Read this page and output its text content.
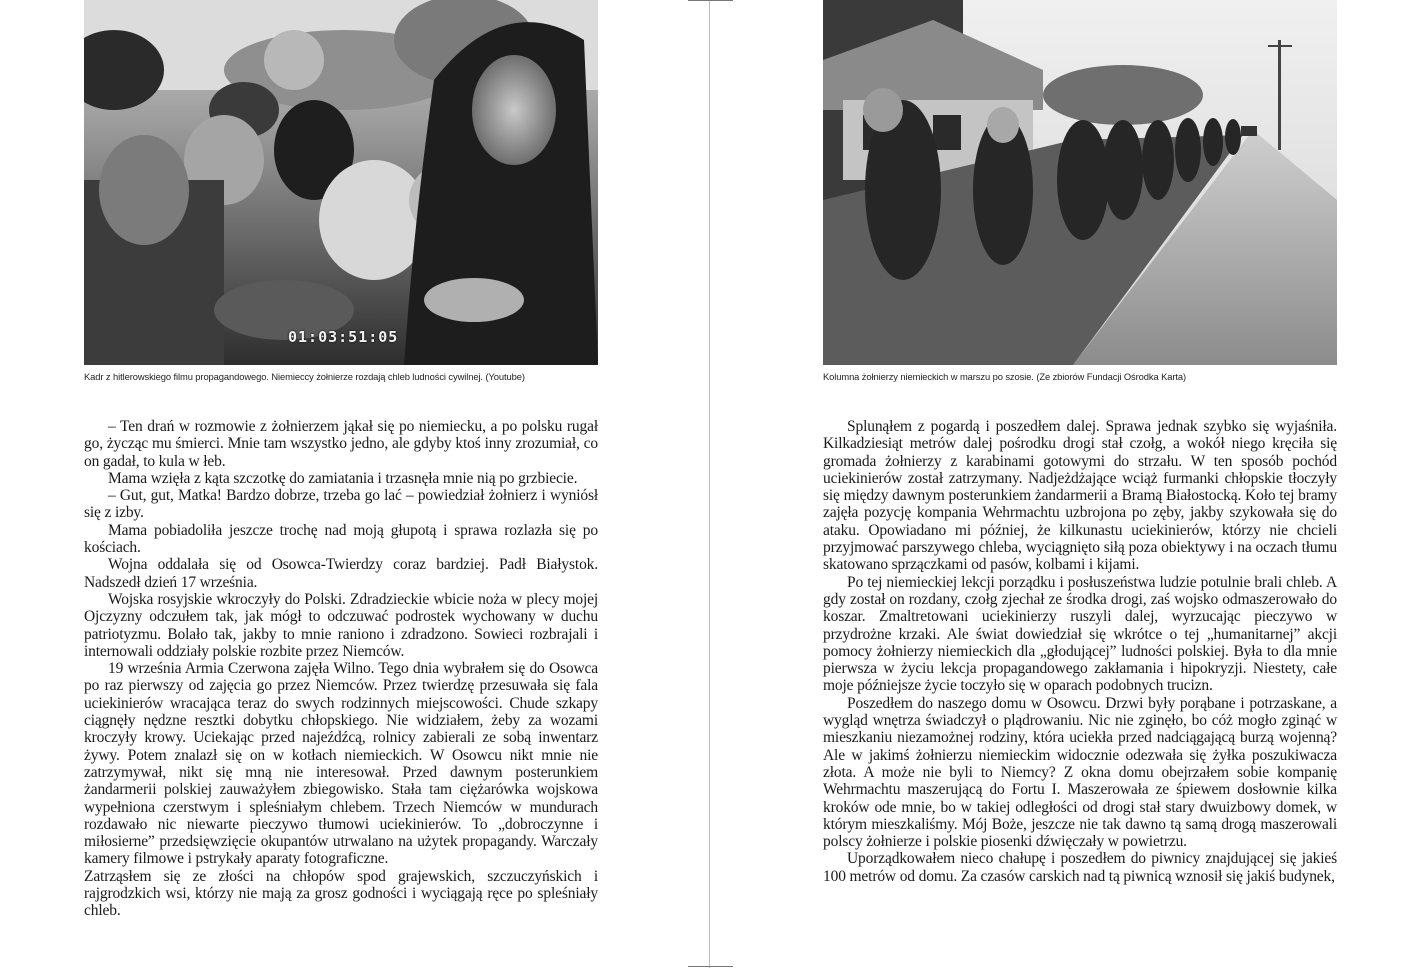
01:03:51:05
Kadr z hitlerowskiego filmu propagandowego. Niemieccy żołnierze rozdają chleb ludności cywilnej. (Youtube)

– Ten drań w rozmowie z żołnierzem jąkał się po niemiecku, a po polsku rugał go, życząc mu śmierci. Mnie tam wszystko jedno, ale gdyby ktoś inny zrozumiał, co on gadał, to kula w łeb.

Mama wzięła z kąta szczotkę do zamiatania i trzasnęła mnie nią po grzbiecie.

– Gut, gut, Matka! Bardzo dobrze, trzeba go lać – powiedział żołnierz i wyniósł się z izby.

Mama pobiadoliła jeszcze trochę nad moją głupotą i sprawa rozlazła się po kościach.

Wojna oddalała się od Osowca-Twierdzy coraz bardziej. Padł Białystok. Nadszedł dzień 17 września.

Wojska rosyjskie wkroczyły do Polski. Zdradzieckie wbicie noża w plecy mojej Ojczyzny odczułem tak, jak mógł to odczuwać podrostek wychowany w duchu patriotyzmu. Bolało tak, jakby to mnie raniono i zdradzono. Sowieci rozbrajali i internowali oddziały polskie rozbite przez Niemców.

19 września Armia Czerwona zajęła Wilno. Tego dnia wybrałem się do Osowca po raz pierwszy od zajęcia go przez Niemców. Przez twierdzę przesuwała się fala uciekinierów wracająca teraz do swych rodzinnych miejscowości. Chude szkapy ciągnęły nędzne resztki dobytku chłopskiego. Nie widziałem, żeby za wozami kroczyły krowy. Uciekając przed najeźdźcą, rolnicy zabierali ze sobą inwentarz żywy. Potem znalazł się on w kotłach niemieckich. W Osowcu nikt mnie nie zatrzymywał, nikt się mną nie interesował. Przed dawnym posterunkiem żandarmerii polskiej zauważyłem zbiegowisko. Stała tam ciężarówka wojskowa wypełniona czerstwym i spleśniałym chlebem. Trzech Niemców w mundurach rozdawało nic niewarte pieczywo tłumowi uciekinierów. To „dobroczynne i miłosierne” przedsięwzięcie okupantów utrwalano na użytek propagandy. Warczały kamery filmowe i pstrykały aparaty fotograficzne.

Zatrząsłem się ze złości na chłopów spod grajewskich, szczuczyńskich i rajgrodzkich wsi, którzy nie mają za grosz godności i wyciągają ręce po spleśniały chleb.

Kolumna żołnierzy niemieckich w marszu po szosie. (Ze zbiorów Fundacji Ośrodka Karta)

Splunąłem z pogardą i poszedłem dalej. Sprawa jednak szybko się wyjaśniła. Kilkadziesiąt metrów dalej pośrodku drogi stał czołg, a wokół niego kręciła się gromada żołnierzy z karabinami gotowymi do strzału. W ten sposób pochód uciekinierów został zatrzymany. Nadjeżdżające wciąż furmanki chłopskie tłoczyły się między dawnym posterunkiem żandarmerii a Bramą Białostocką. Koło tej bramy zajęła pozycję kompania Wehrmachtu uzbrojona po zęby, jakby szykowała się do ataku. Opowiadano mi później, że kilkunastu uciekinierów, którzy nie chcieli przyjmować parszywego chleba, wyciągnięto siłą poza obiektywy i na oczach tłumu skatowano sprzączkami od pasów, kolbami i kijami.

Po tej niemieckiej lekcji porządku i posłuszeństwa ludzie potulnie brali chleb. A gdy został on rozdany, czołg zjechał ze środka drogi, zaś wojsko odmaszerowało do koszar. Zmaltretowani uciekinierzy ruszyli dalej, wyrzucając pieczywo w przydrożne krzaki. Ale świat dowiedział się wkrótce o tej „humanitarnej” akcji pomocy żołnierzy niemieckich dla „głodującej” ludności polskiej. Była to dla mnie pierwsza w życiu lekcja propagandowego zakłamania i hipokryzji. Niestety, całe moje późniejsze życie toczyło się w oparach podobnych trucizn.

Poszedłem do naszego domu w Osowcu. Drzwi były porąbane i potrzaskane, a wygląd wnętrza świadczył o plądrowaniu. Nic nie zginęło, bo cóż mogło zginąć w mieszkaniu niezamożnej rodziny, która uciekła przed nadciągającą burzą wojenną? Ale w jakimś żołnierzu niemieckim widocznie odezwała się żyłka poszukiwacza złota. A może nie byli to Niemcy? Z okna domu obejrzałem sobie kompanię Wehrmachtu maszerującą do Fortu I. Maszerowała ze śpiewem dosłownie kilka kroków ode mnie, bo w takiej odległości od drogi stał stary dwuizbowy domek, w którym mieszkaliśmy. Mój Boże, jeszcze nie tak dawno tą samą drogą maszerowali polscy żołnierze i polskie piosenki dźwięczały w powietrzu.

Uporządkowałem nieco chałupę i poszedłem do piwnicy znajdującej się jakieś 100 metrów od domu. Za czasów carskich nad tą piwnicą wznosił się jakiś budynek,
